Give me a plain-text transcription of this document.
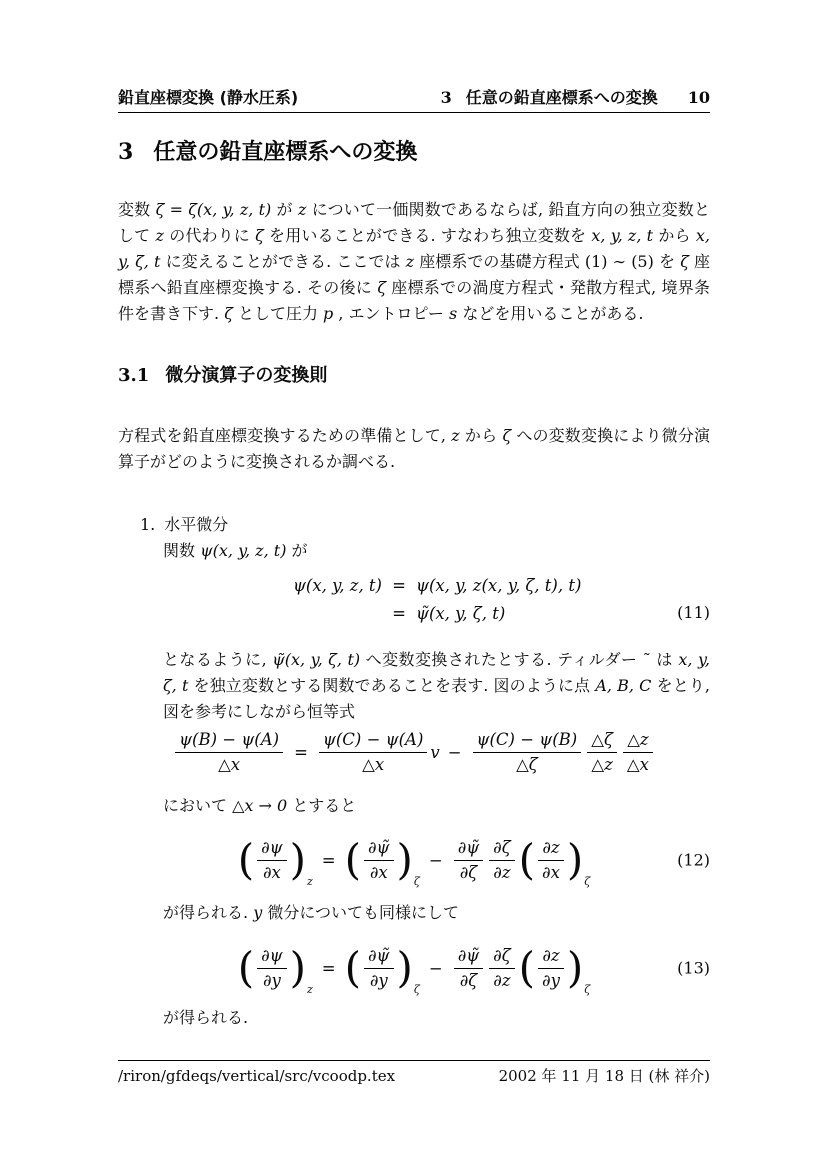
鉛直座標変換 (静水圧系)	3 任意の鉛直座標系への変換 10
3 任意の鉛直座標系への変換

変数 ζ = ζ(x, y, z, t) が z について一価関数であるならば, 鉛直方向の独立変数として z の代わりに ζ を用いることができる. すなわち独立変数を x, y, z, t から x, y, ζ, t に変えることができる. ここでは z 座標系での基礎方程式 (1) ∼ (5) を ζ 座標系へ鉛直座標変換する. その後に ζ 座標系での渦度方程式・発散方程式, 境界条件を書き下す. ζ として圧力 p , エントロピー s などを用いることがある.

3.1 微分演算子の変換則

方程式を鉛直座標変換するための準備として, z から ζ への変数変換により微分演算子がどのように変換されるか調べる.

1. 水平微分

関数 ψ(x, y, z, t) が

ψ(x, y, z, t) = ψ(x, y, z(x, y, ζ, t), t)
= ψ̃(x, y, ζ, t)	(11)

となるように, ψ̃(x, y, ζ, t) へ変数変換されたとする. ティルダー ˜ は x, y, ζ, t を独立変数とする関数であることを表す. 図のように点 A, B, C をとり, 図を参考にしながら恒等式

$\frac{\psi(B) - \psi(A)}{\triangle x} = \frac{\psi(C) - \psi(A)}{\triangle x}$ $v - \frac{\psi(C) - \psi(B)}{\triangle\zeta} \frac{\triangle\zeta}{\triangle z} \frac{\triangle z}{\triangle x}$

において △x → 0 とすると

( $\frac{\partial\psi}{\partial x}$ ) z
= ( $\frac{\partial\psĩ}{\partial x}$ ) ζ
− $\frac{\partial\psĩ}{\partial\zeta} \frac{\partial\zeta}{\partial z}$ ( $\frac{\partial z}{\partial x}$ ) ζ
(12)

が得られる. y 微分についても同様にして

( $\frac{\partial\psi}{\partial y}$ ) z
= ( $\frac{\partial\psĩ}{\partial y}$ ) ζ
− $\frac{\partial\psĩ}{\partial\zeta} \frac{\partial\zeta}{\partial z}$ ( $\frac{\partial z}{\partial y}$ ) ζ
(13)

が得られる.

/riron/gfdeqs/vertical/src/vcoodp.tex	2002 年 11 月 18 日 (林 祥介)
